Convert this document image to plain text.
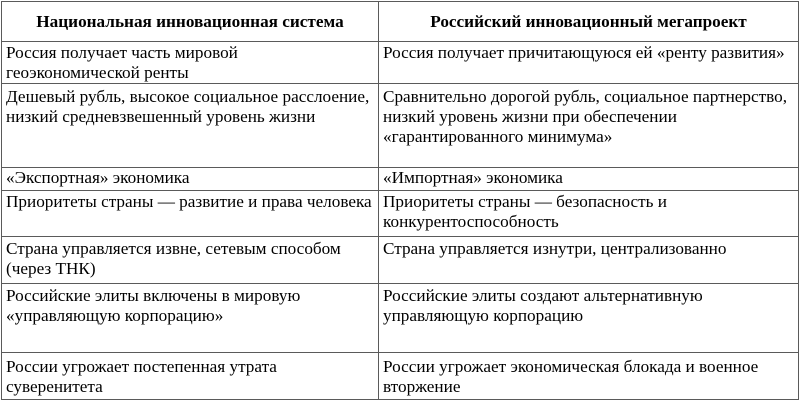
Национальная инновационная система	Российский инновационный мегапроект
Россия получает часть мировой геоэкономической ренты	Россия получает причитающуюся ей «ренту развития»
Дешевый рубль, высокое социальное расслоение, низкий средневзвешенный уровень жизни	Сравнительно дорогой рубль, социальное партнерство, низкий уровень жизни при обеспечении «гарантированного минимума»
«Экспортная» экономика	«Импортная» экономика
Приоритеты страны — развитие и права человека	Приоритеты страны — безопасность и конкурентоспособность
Страна управляется извне, сетевым способом (через ТНК)	Страна управляется изнутри, централизованно
Российские элиты включены в мировую «управляющую корпорацию»	Российские элиты создают альтернативную управляющую корпорацию
России угрожает постепенная утрата суверенитета	России угрожает экономическая блокада и военное вторжение
